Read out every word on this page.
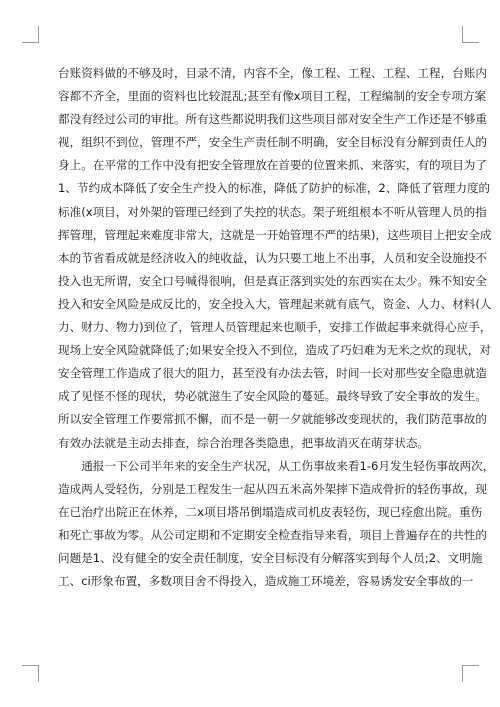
台账资料做的不够及时，目录不清，内容不全，像工程、工程、工程、工程，台账内
容都不齐全，里面的资料也比较混乱;甚至有像x项目工程，工程编制的安全专项方案
都没有经过公司的审批。所有这些都说明我们这些项目部对安全生产工作还是不够重
视，组织不到位，管理不严，安全生产责任制不明确，安全目标没有分解到责任人的
身上。在平常的工作中没有把安全管理放在首要的位置来抓、来落实，有的项目为了
1、节约成本降低了安全生产投入的标准，降低了防护的标准，2、降低了管理力度的
标准(x项目，对外架的管理已经到了失控的状态。架子班组根本不听从管理人员的指
挥管理，管理起来难度非常大，这就是一开始管理不严的结果)，这些项目上把安全成
本的节省看成就是经济收入的纯收益，认为只要工地上不出事，人员和安全设施投不
投入也无所谓，安全口号喊得很响，但是真正落到实处的东西实在太少。殊不知安全
投入和安全风险是成反比的，安全投入大，管理起来就有底气，资金、人力、材料(人
力、财力、物力)到位了，管理人员管理起来也顺手，安排工作做起事来就得心应手，
现场上安全风险就降低了;如果安全投入不到位，造成了巧妇难为无米之炊的现状，对
安全管理工作造成了很大的阻力，甚至没有办法去管，时间一长对那些安全隐患就造
成了见怪不怪的现状，势必就滋生了安全风险的蔓延。最终导致了安全事故的发生。
所以安全管理工作要常抓不懈，而不是一朝一夕就能够改变现状的，我们防范事故的
有效办法就是主动去排查，综合治理各类隐患，把事故消灭在萌芽状态。
　　通报一下公司半年来的安全生产状况，从工伤事故来看1-6月发生轻伤事故两次，
造成两人受轻伤，分别是工程发生一起从四五米高外架摔下造成骨折的轻伤事故，现
在已治疗出院正在休养，二x项目塔吊倒塌造成司机皮表轻伤，现已痊愈出院。重伤
和死亡事故为零。从公司定期和不定期安全检查指导来看，项目上普遍存在的共性的
问题是1、没有健全的安全责任制度，安全目标没有分解落实到每个人员;2、文明施
工、ci形象布置，多数项目舍不得投入，造成施工环境差，容易诱发安全事故的一
